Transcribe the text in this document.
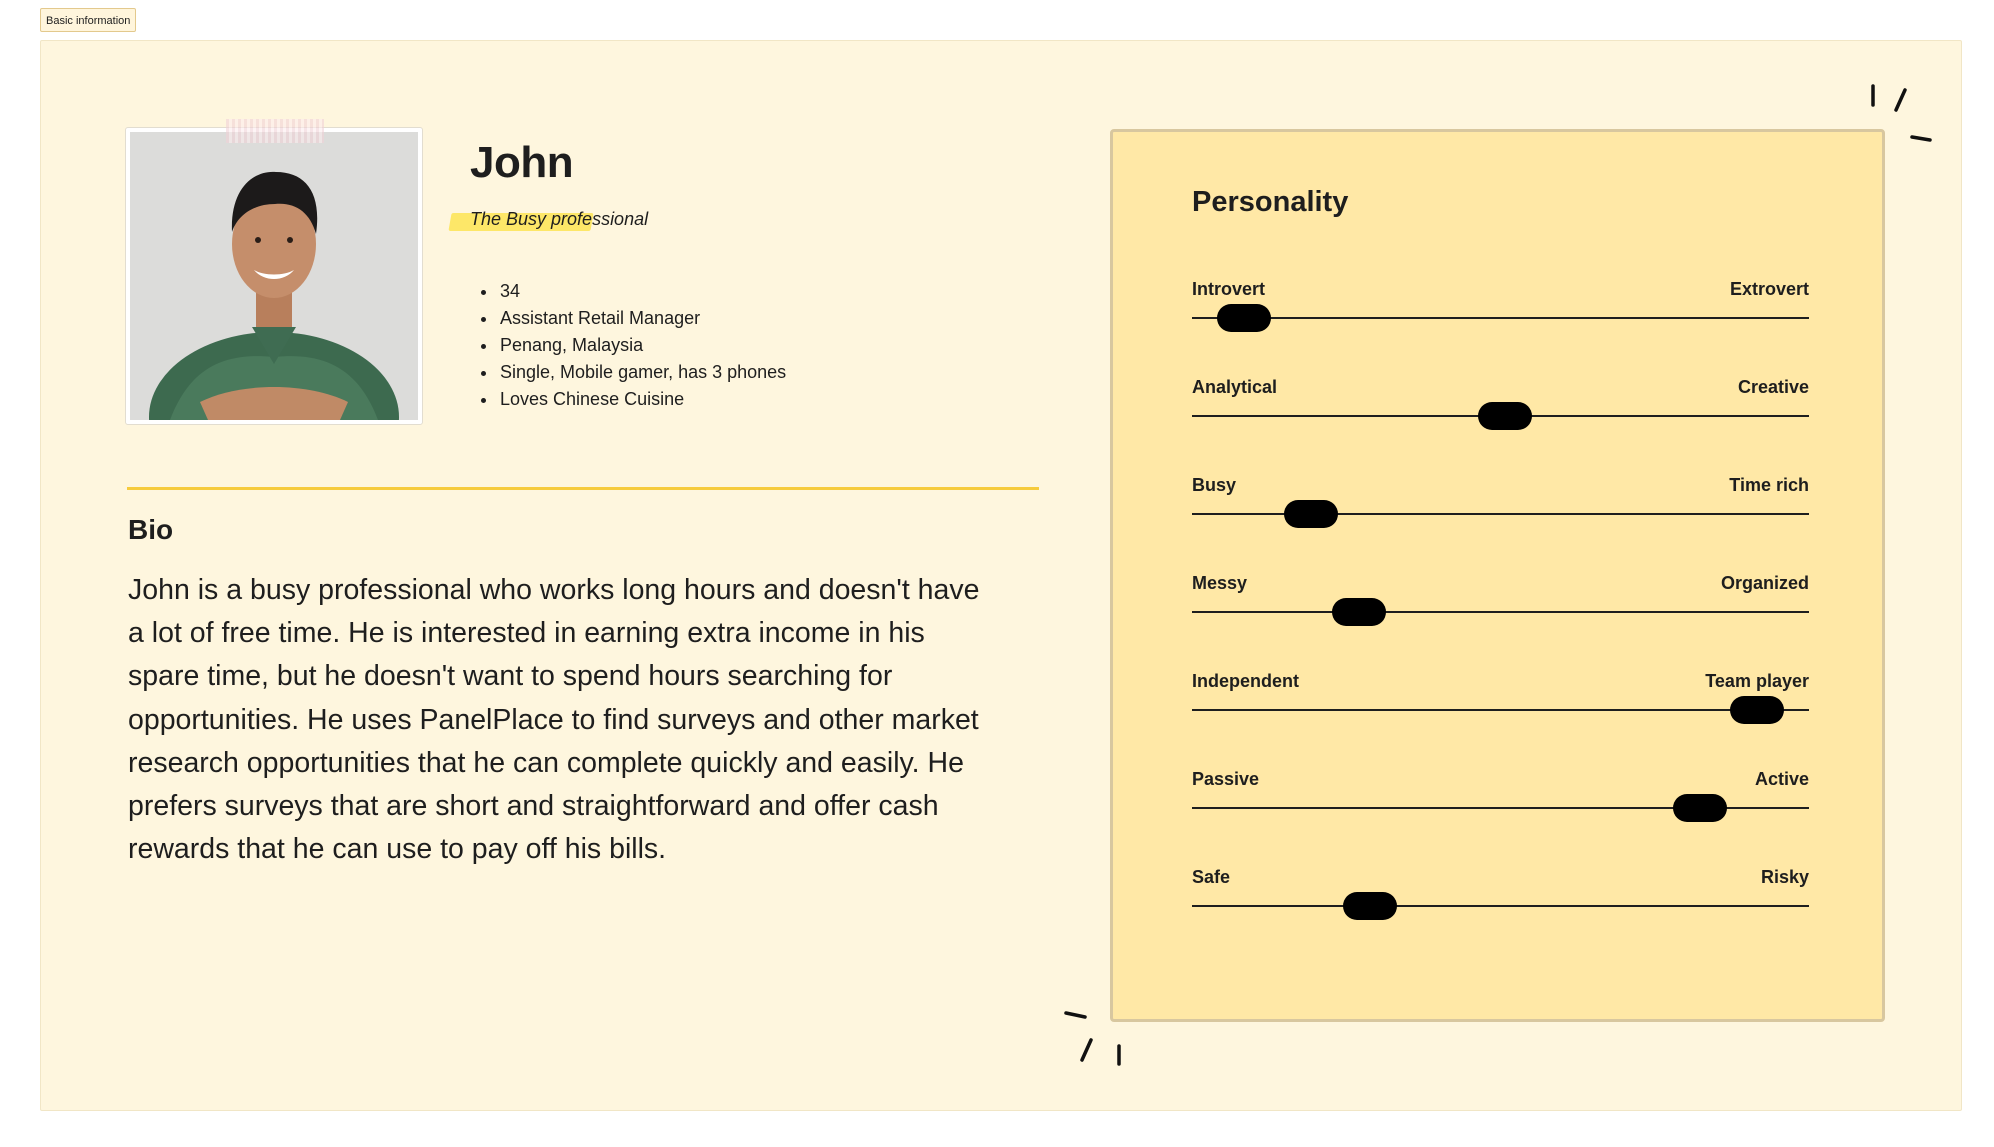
Basic information
John
The Busy professional
• 34
• Assistant Retail Manager
• Penang, Malaysia
• Single, Mobile gamer, has 3 phones
• Loves Chinese Cuisine
Bio

John is a busy professional who works long hours and doesn't have a lot of free time. He is interested in earning extra income in his spare time, but he doesn't want to spend hours searching for opportunities. He uses PanelPlace to find surveys and other market research opportunities that he can complete quickly and easily. He prefers surveys that are short and straightforward and offer cash rewards that he can use to pay off his bills.

Personality
Introvert	Extrovert
Analytical	Creative
Busy	Time rich
Messy	Organized
Independent	Team player
Passive	Active
Safe	Risky
